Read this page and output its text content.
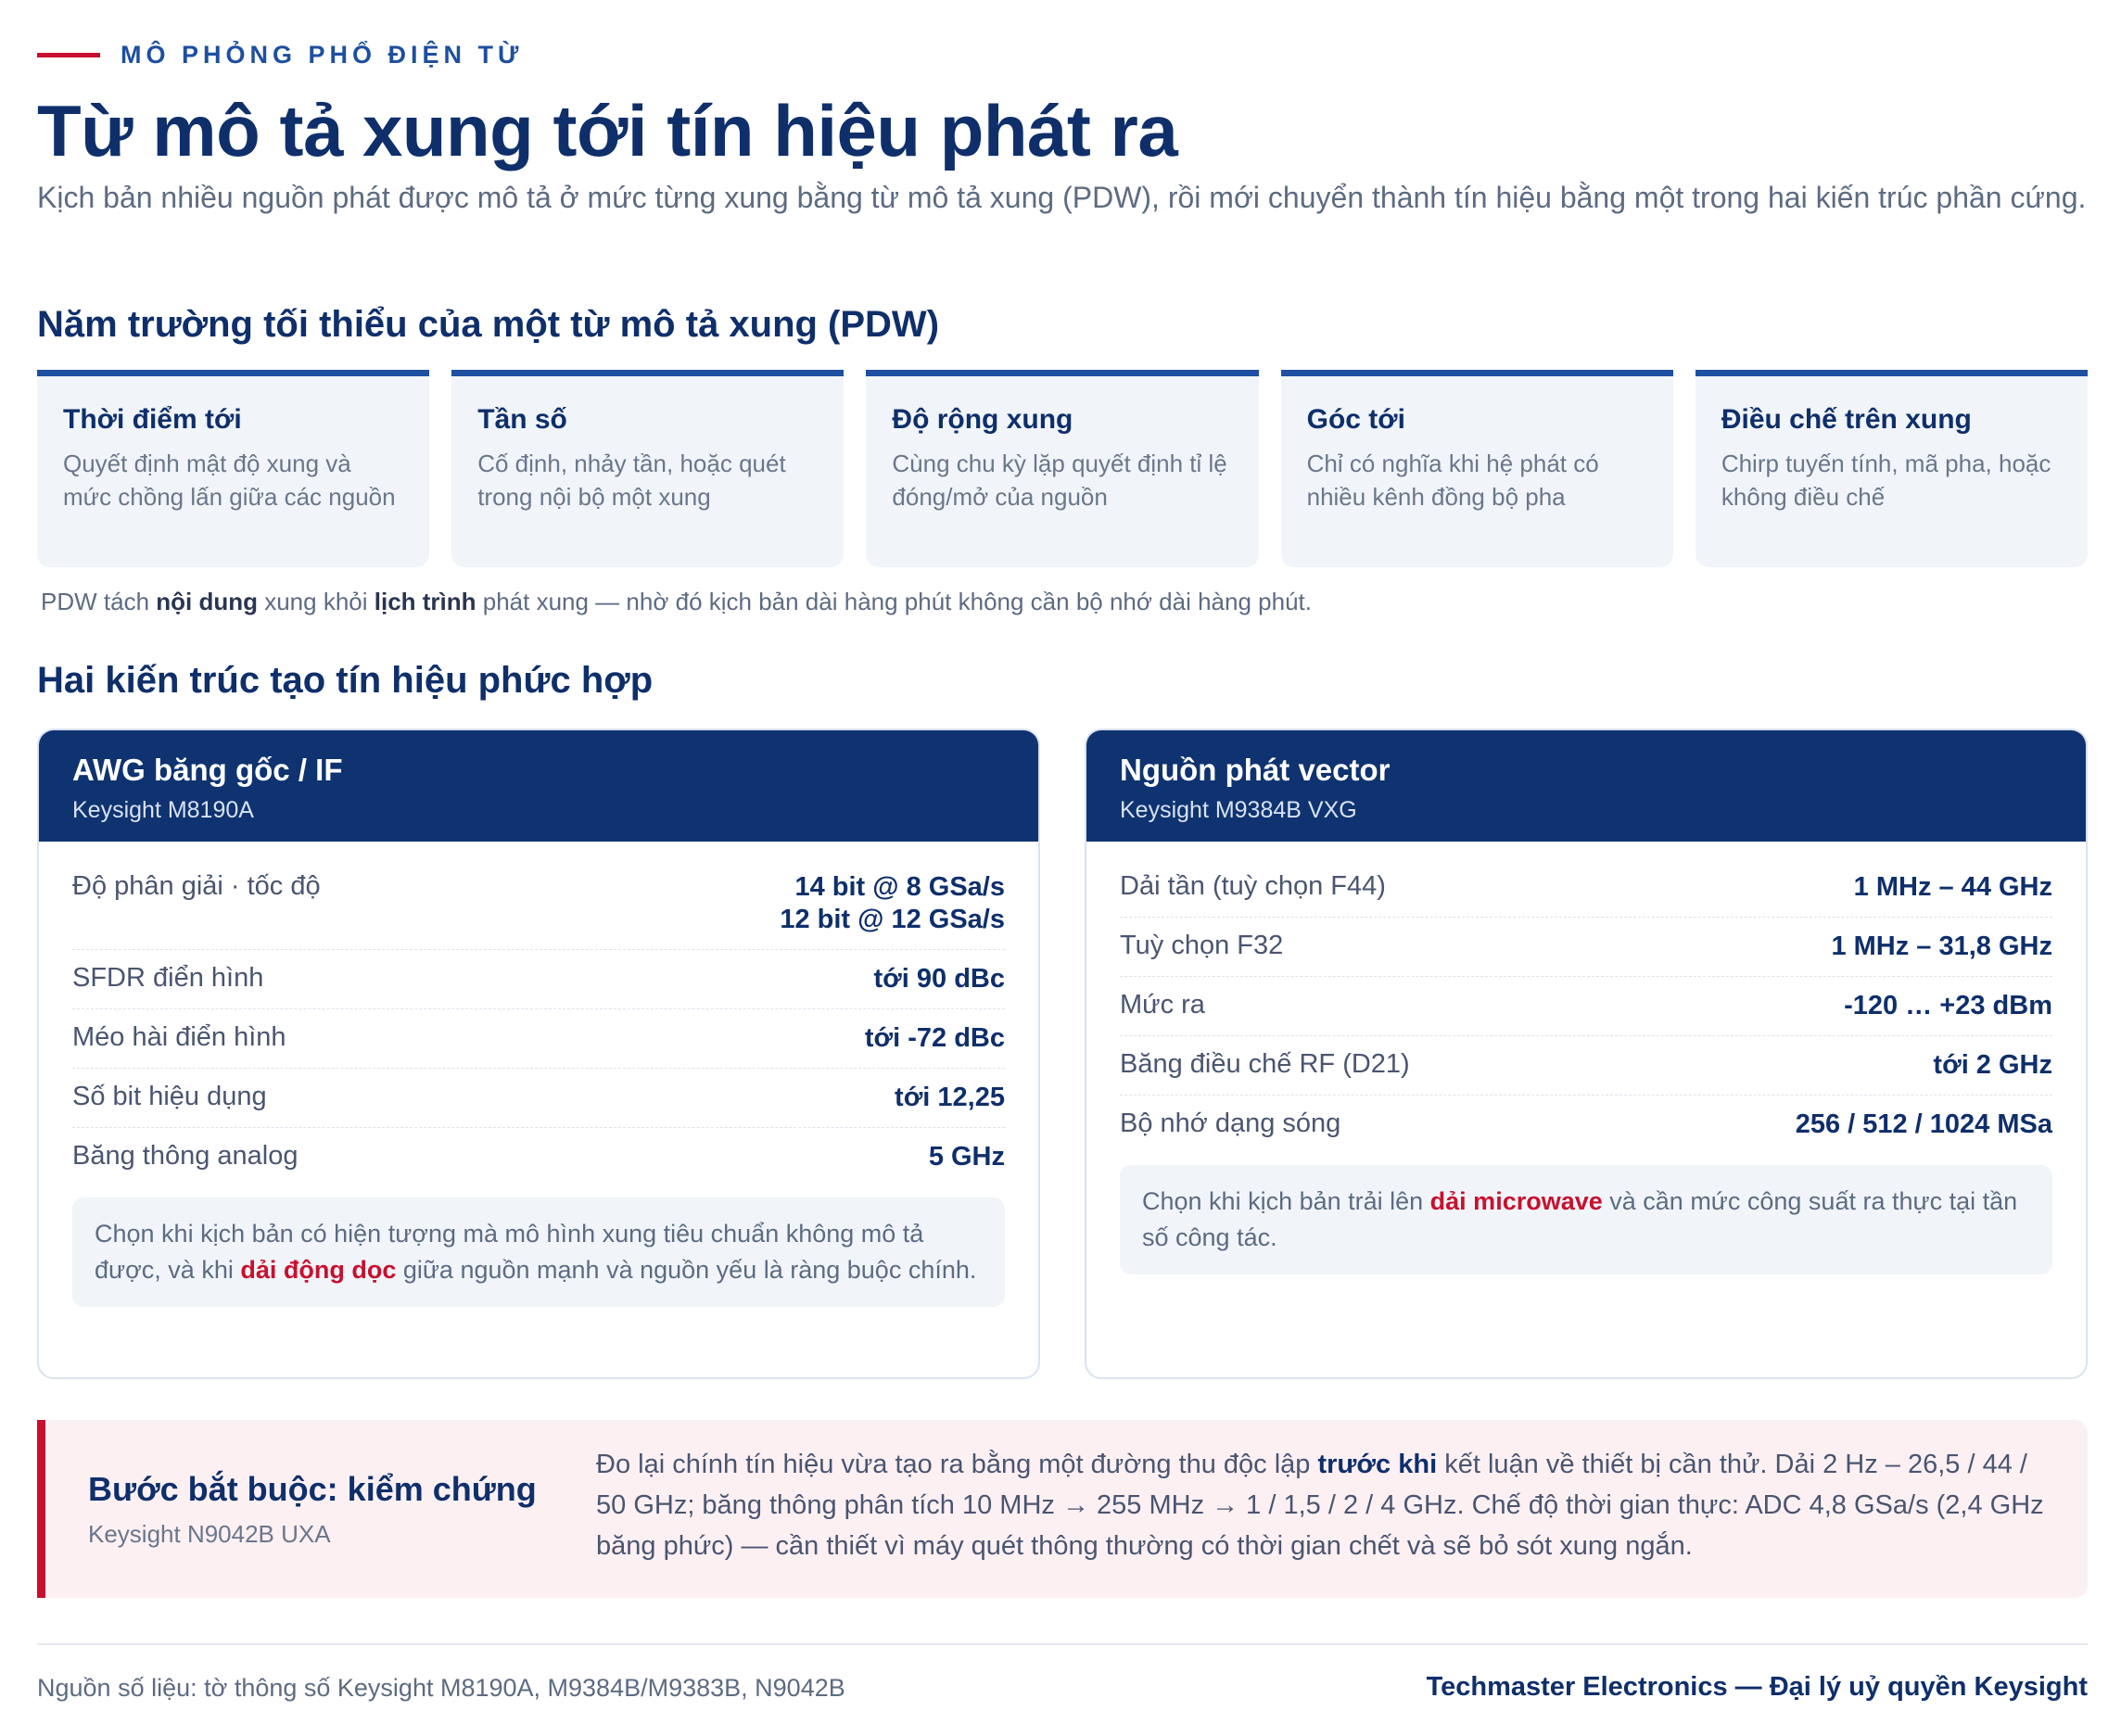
MÔ PHỎNG PHỔ ĐIỆN TỪ
Từ mô tả xung tới tín hiệu phát ra

Kịch bản nhiều nguồn phát được mô tả ở mức từng xung bằng từ mô tả xung (PDW), rồi mới chuyển thành tín hiệu bằng một trong hai kiến trúc phần cứng.

Năm trường tối thiểu của một từ mô tả xung (PDW)
Thời điểm tới
Quyết định mật độ xung và mức chồng lấn giữa các nguồn
Tần số
Cố định, nhảy tần, hoặc quét trong nội bộ một xung
Độ rộng xung
Cùng chu kỳ lặp quyết định tỉ lệ đóng/mở của nguồn
Góc tới
Chỉ có nghĩa khi hệ phát có nhiều kênh đồng bộ pha
Điều chế trên xung
Chirp tuyến tính, mã pha, hoặc không điều chế

PDW tách nội dung xung khỏi lịch trình phát xung — nhờ đó kịch bản dài hàng phút không cần bộ nhớ dài hàng phút.

Hai kiến trúc tạo tín hiệu phức hợp
AWG băng gốc / IF
Keysight M8190A
Độ phân giải · tốc độ	14 bit @ 8 GSa/s
12 bit @ 12 GSa/s
SFDR điển hình	tới 90 dBc
Méo hài điển hình	tới -72 dBc
Số bit hiệu dụng	tới 12,25
Băng thông analog	5 GHz
Chọn khi kịch bản có hiện tượng mà mô hình xung tiêu chuẩn không mô tả được, và khi dải động dọc giữa nguồn mạnh và nguồn yếu là ràng buộc chính.
Nguồn phát vector
Keysight M9384B VXG
Dải tần (tuỳ chọn F44)	1 MHz – 44 GHz
Tuỳ chọn F32	1 MHz – 31,8 GHz
Mức ra	-120 … +23 dBm
Băng điều chế RF (D21)	tới 2 GHz
Bộ nhớ dạng sóng	256 / 512 / 1024 MSa
Chọn khi kịch bản trải lên dải microwave và cần mức công suất ra thực tại tần số công tác.
Bước bắt buộc: kiểm chứng
Keysight N9042B UXA
Đo lại chính tín hiệu vừa tạo ra bằng một đường thu độc lập trước khi kết luận về thiết bị cần thử. Dải 2 Hz – 26,5 / 44 / 50 GHz; băng thông phân tích 10 MHz → 255 MHz → 1 / 1,5 / 2 / 4 GHz. Chế độ thời gian thực: ADC 4,8 GSa/s (2,4 GHz băng phức) — cần thiết vì máy quét thông thường có thời gian chết và sẽ bỏ sót xung ngắn.
Nguồn số liệu: tờ thông số Keysight M8190A, M9384B/M9383B, N9042B	Techmaster Electronics — Đại lý uỷ quyền Keysight
